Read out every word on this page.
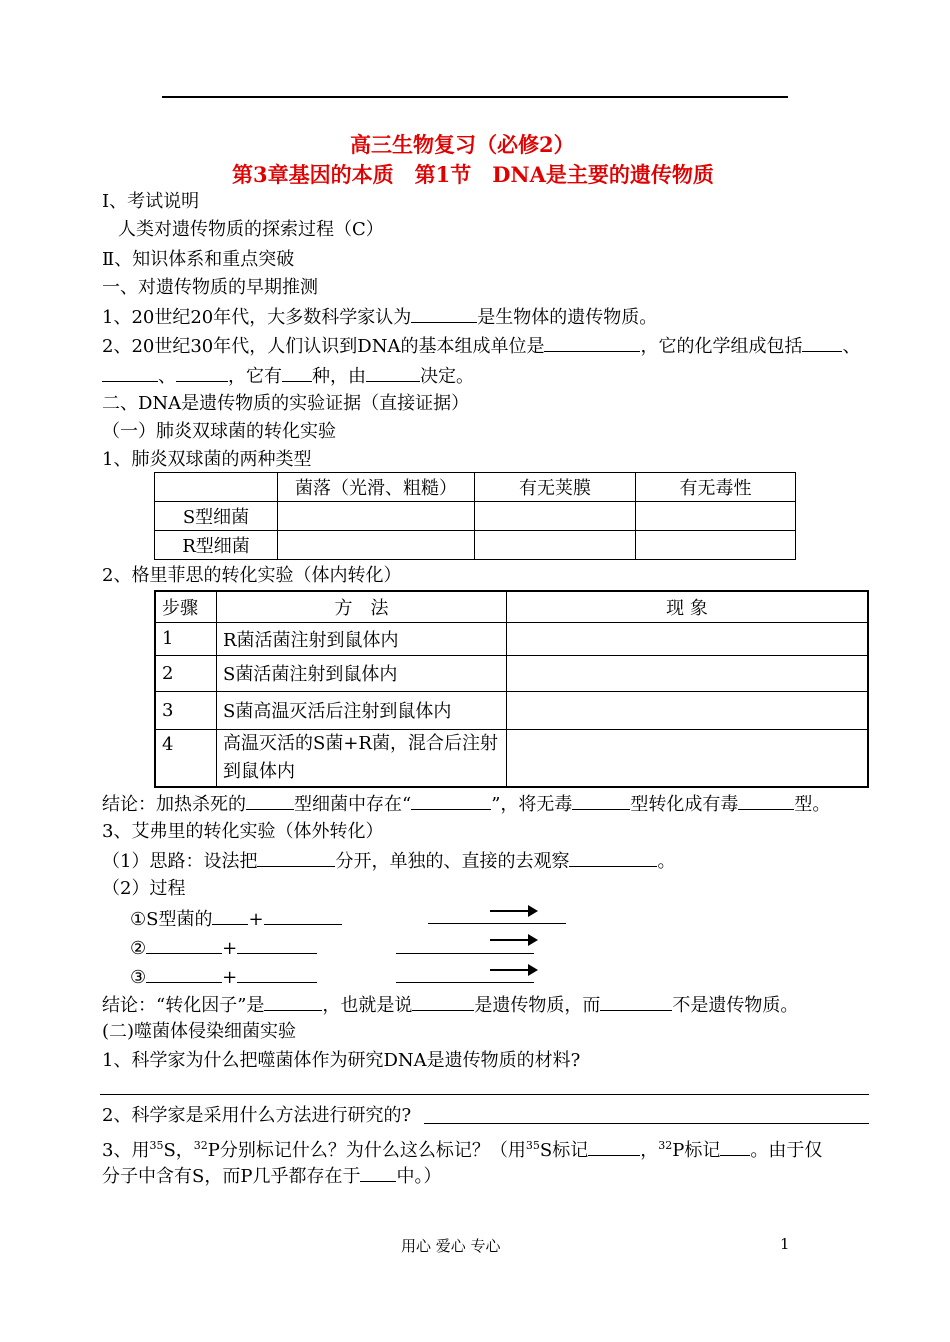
高三生物复习（必修2）
第3章基因的本质　第1节　DNA是主要的遗传物质
Ⅰ、考试说明
人类对遗传物质的探索过程（C）
Ⅱ、知识体系和重点突破
一、对遗传物质的早期推测
1、20世纪20年代，大多数科学家认为	是生物体的遗传物质。
2、20世纪30年代，人们认识到DNA的基本组成单位是	，它的化学组成包括 、
、	，它有 种，由	决定。
二、DNA是遗传物质的实验证据（直接证据）
（一）肺炎双球菌的转化实验
1、肺炎双球菌的两种类型
	菌落（光滑、粗糙）	有无荚膜	有无毒性
S型细菌			
R型细菌			
2、格里菲思的转化实验（体内转化）
步骤	方　法	现 象
1	R菌活菌注射到鼠体内	
2	S菌活菌注射到鼠体内	
3	S菌高温灭活后注射到鼠体内	
4	高温灭活的S菌+R菌，混合后注射到鼠体内	
结论：加热杀死的	型细菌中存在“	”，将无毒	型转化成有毒	型。
3、艾弗里的转化实验（体外转化）
（1）思路：设法把	分开，单独的、直接的去观察	。
（2）过程
①S型菌的 +
②	+
③	+
结论：“转化因子”是	，也就是说	是遗传物质，而	不是遗传物质。
(二)噬菌体侵染细菌实验
1、科学家为什么把噬菌体作为研究DNA是遗传物质的材料?
2、科学家是采用什么方法进行研究的?
3、用$^{35}$S，$^{32}$P分别标记什么？为什么这么标记？（用$^{35}$S标记	，$^{32}$P标记 。由于仅
分子中含有S，而P几乎都存在于 中。）
用心 爱心 专心	1
